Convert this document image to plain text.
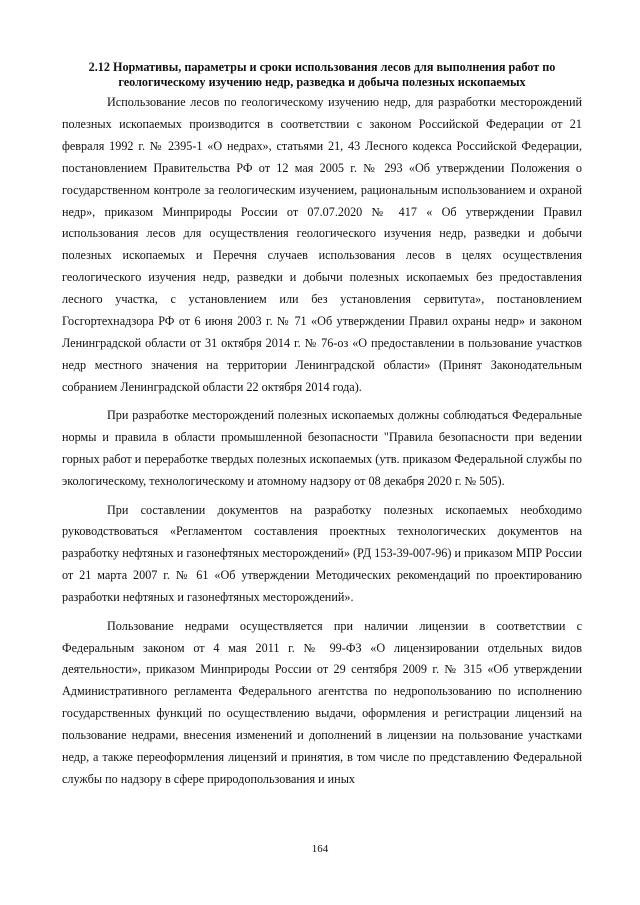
2.12 Нормативы, параметры и сроки использования лесов для выполнения работ по геологическому изучению недр, разведка и добыча полезных ископаемых

Использование лесов по геологическому изучению недр, для разработки месторождений полезных ископаемых производится в соответствии с законом Российской Федерации от 21 февраля 1992 г. № 2395-1 «О недрах», статьями 21, 43 Лесного кодекса Российской Федерации, постановлением Правительства РФ от 12 мая 2005 г. № 293 «Об утверждении Положения о государственном контроле за геологическим изучением, рациональным использованием и охраной недр», приказом Минприроды России от 07.07.2020 № 417 « Об утверждении Правил использования лесов для осуществления геологического изучения недр, разведки и добычи полезных ископаемых и Перечня случаев использования лесов в целях осуществления геологического изучения недр, разведки и добычи полезных ископаемых без предоставления лесного участка, с установлением или без установления сервитута», постановлением Госгортехнадзора РФ от 6 июня 2003 г. № 71 «Об утверждении Правил охраны недр» и законом Ленинградской области от 31 октября 2014 г. № 76-оз «О предоставлении в пользование участков недр местного значения на территории Ленинградской области» (Принят Законодательным собранием Ленинградской области 22 октября 2014 года).

При разработке месторождений полезных ископаемых должны соблюдаться Федеральные нормы и правила в области промышленной безопасности "Правила безопасности при ведении горных работ и переработке твердых полезных ископаемых (утв. приказом Федеральной службы по экологическому, технологическому и атомному надзору от 08 декабря 2020 г. № 505).

При составлении документов на разработку полезных ископаемых необходимо руководствоваться «Регламентом составления проектных технологических документов на разработку нефтяных и газонефтяных месторождений» (РД 153-39-007-96) и приказом МПР России от 21 марта 2007 г. № 61 «Об утверждении Методических рекомендаций по проектированию разработки нефтяных и газонефтяных месторождений».

Пользование недрами осуществляется при наличии лицензии в соответствии с Федеральным законом от 4 мая 2011 г. № 99-ФЗ «О лицензировании отдельных видов деятельности», приказом Минприроды России от 29 сентября 2009 г. № 315 «Об утверждении Административного регламента Федерального агентства по недропользованию по исполнению государственных функций по осуществлению выдачи, оформления и регистрации лицензий на пользование недрами, внесения изменений и дополнений в лицензии на пользование участками недр, а также переоформления лицензий и принятия, в том числе по представлению Федеральной службы по надзору в сфере природопользования и иных

164
